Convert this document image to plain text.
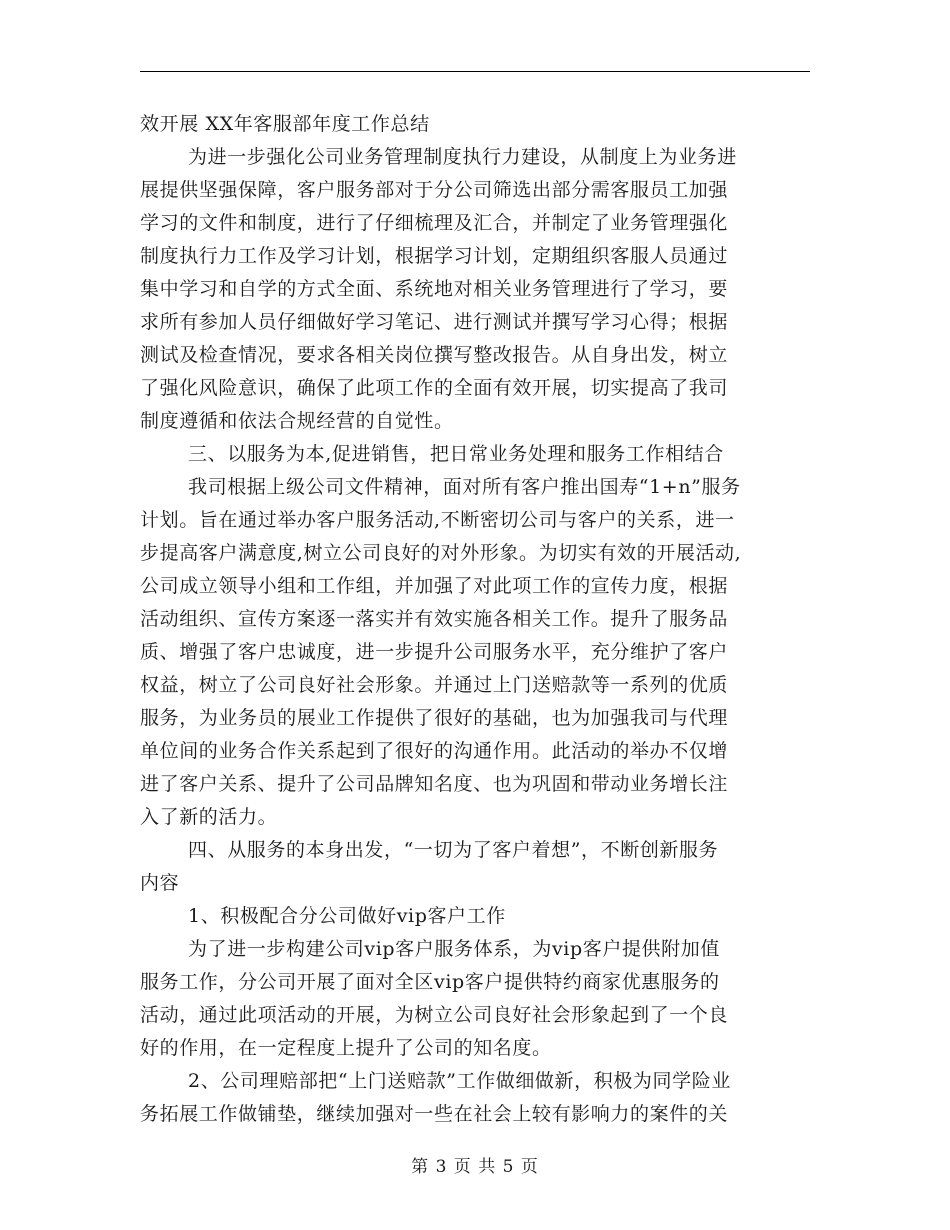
效开展 XX年客服部年度工作总结
为进一步强化公司业务管理制度执行力建设，从制度上为业务进
展提供坚强保障，客户服务部对于分公司筛选出部分需客服员工加强
学习的文件和制度，进行了仔细梳理及汇合，并制定了业务管理强化
制度执行力工作及学习计划，根据学习计划，定期组织客服人员通过
集中学习和自学的方式全面、系统地对相关业务管理进行了学习，要
求所有参加人员仔细做好学习笔记、进行测试并撰写学习心得；根据
测试及检查情况，要求各相关岗位撰写整改报告。从自身出发，树立
了强化风险意识，确保了此项工作的全面有效开展，切实提高了我司
制度遵循和依法合规经营的自觉性。
三、以服务为本,促进销售，把日常业务处理和服务工作相结合
我司根据上级公司文件精神，面对所有客户推出国寿“1+n”服务
计划。旨在通过举办客户服务活动,不断密切公司与客户的关系，进一
步提高客户满意度,树立公司良好的对外形象。为切实有效的开展活动,
公司成立领导小组和工作组，并加强了对此项工作的宣传力度，根据
活动组织、宣传方案逐一落实并有效实施各相关工作。提升了服务品
质、增强了客户忠诚度，进一步提升公司服务水平，充分维护了客户
权益，树立了公司良好社会形象。并通过上门送赔款等一系列的优质
服务，为业务员的展业工作提供了很好的基础，也为加强我司与代理
单位间的业务合作关系起到了很好的沟通作用。此活动的举办不仅增
进了客户关系、提升了公司品牌知名度、也为巩固和带动业务增长注
入了新的活力。
四、从服务的本身出发，“一切为了客户着想”，不断创新服务
内容
1、积极配合分公司做好vip客户工作
为了进一步构建公司vip客户服务体系，为vip客户提供附加值
服务工作，分公司开展了面对全区vip客户提供特约商家优惠服务的
活动，通过此项活动的开展，为树立公司良好社会形象起到了一个良
好的作用，在一定程度上提升了公司的知名度。
2、公司理赔部把“上门送赔款”工作做细做新，积极为同学险业
务拓展工作做铺垫，继续加强对一些在社会上较有影响力的案件的关
第 3 页 共 5 页
